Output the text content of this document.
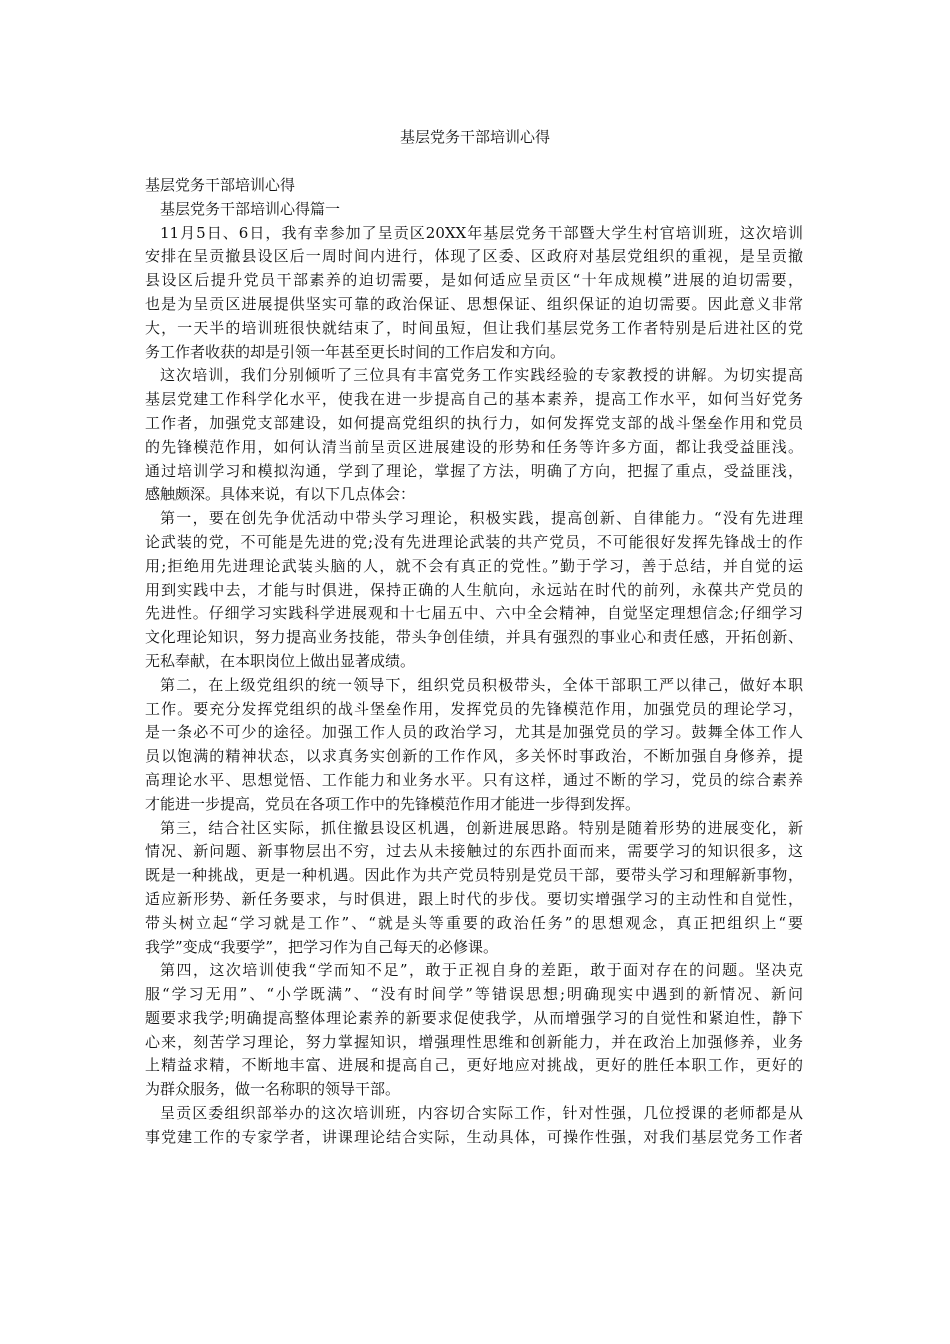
基层党务干部培训心得
基层党务干部培训心得
基层党务干部培训心得篇一
11月5日、6日，我有幸参加了呈贡区20XX年基层党务干部暨大学生村官培训班，这次培训
安排在呈贡撤县设区后一周时间内进行，体现了区委、区政府对基层党组织的重视，是呈贡撤
县设区后提升党员干部素养的迫切需要，是如何适应呈贡区“十年成规模”进展的迫切需要，
也是为呈贡区进展提供坚实可靠的政治保证、思想保证、组织保证的迫切需要。因此意义非常
大，一天半的培训班很快就结束了，时间虽短，但让我们基层党务工作者特别是后进社区的党
务工作者收获的却是引领一年甚至更长时间的工作启发和方向。
这次培训，我们分别倾听了三位具有丰富党务工作实践经验的专家教授的讲解。为切实提高
基层党建工作科学化水平，使我在进一步提高自己的基本素养，提高工作水平，如何当好党务
工作者，加强党支部建设，如何提高党组织的执行力，如何发挥党支部的战斗堡垒作用和党员
的先锋模范作用，如何认清当前呈贡区进展建设的形势和任务等许多方面，都让我受益匪浅。
通过培训学习和模拟沟通，学到了理论，掌握了方法，明确了方向，把握了重点，受益匪浅，
感触颇深。具体来说，有以下几点体会：
第一，要在创先争优活动中带头学习理论，积极实践，提高创新、自律能力。“没有先进理
论武装的党，不可能是先进的党;没有先进理论武装的共产党员，不可能很好发挥先锋战士的作
用;拒绝用先进理论武装头脑的人，就不会有真正的党性。”勤于学习，善于总结，并自觉的运
用到实践中去，才能与时俱进，保持正确的人生航向，永远站在时代的前列，永葆共产党员的
先进性。仔细学习实践科学进展观和十七届五中、六中全会精神，自觉坚定理想信念;仔细学习
文化理论知识，努力提高业务技能，带头争创佳绩，并具有强烈的事业心和责任感，开拓创新、
无私奉献，在本职岗位上做出显著成绩。
第二，在上级党组织的统一领导下，组织党员积极带头，全体干部职工严以律己，做好本职
工作。要充分发挥党组织的战斗堡垒作用，发挥党员的先锋模范作用，加强党员的理论学习，
是一条必不可少的途径。加强工作人员的政治学习，尤其是加强党员的学习。鼓舞全体工作人
员以饱满的精神状态，以求真务实创新的工作作风，多关怀时事政治，不断加强自身修养，提
高理论水平、思想觉悟、工作能力和业务水平。只有这样，通过不断的学习，党员的综合素养
才能进一步提高，党员在各项工作中的先锋模范作用才能进一步得到发挥。
第三，结合社区实际，抓住撤县设区机遇，创新进展思路。特别是随着形势的进展变化，新
情况、新问题、新事物层出不穷，过去从未接触过的东西扑面而来，需要学习的知识很多，这
既是一种挑战，更是一种机遇。因此作为共产党员特别是党员干部，要带头学习和理解新事物，
适应新形势、新任务要求，与时俱进，跟上时代的步伐。要切实增强学习的主动性和自觉性，
带头树立起“学习就是工作”、“就是头等重要的政治任务”的思想观念，真正把组织上“要
我学”变成“我要学”，把学习作为自己每天的必修课。
第四，这次培训使我“学而知不足”，敢于正视自身的差距，敢于面对存在的问题。坚决克
服“学习无用”、“小学既满”、“没有时间学”等错误思想;明确现实中遇到的新情况、新问
题要求我学;明确提高整体理论素养的新要求促使我学，从而增强学习的自觉性和紧迫性，静下
心来，刻苦学习理论，努力掌握知识，增强理性思维和创新能力，并在政治上加强修养，业务
上精益求精，不断地丰富、进展和提高自己，更好地应对挑战，更好的胜任本职工作，更好的
为群众服务，做一名称职的领导干部。
呈贡区委组织部举办的这次培训班，内容切合实际工作，针对性强，几位授课的老师都是从
事党建工作的专家学者，讲课理论结合实际，生动具体，可操作性强，对我们基层党务工作者
